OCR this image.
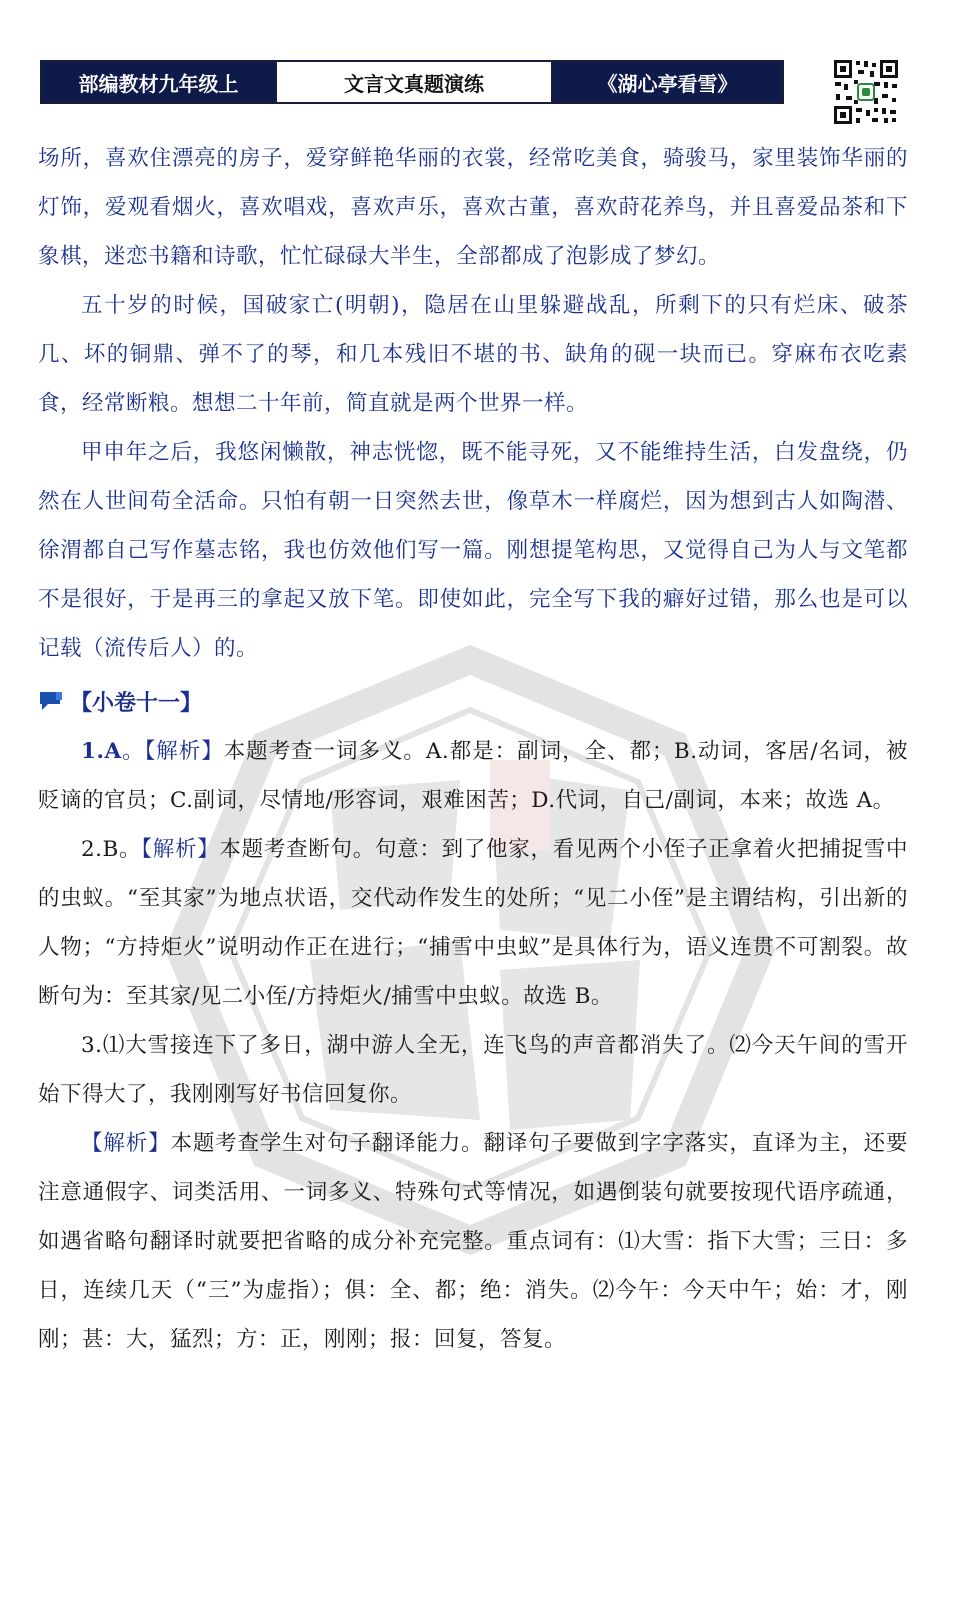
部编教材九年级上	文言文真题演练	《湖心亭看雪》

场所，喜欢住漂亮的房子，爱穿鲜艳华丽的衣裳，经常吃美食，骑骏马，家里装饰华丽的灯饰，爱观看烟火，喜欢唱戏，喜欢声乐，喜欢古董，喜欢莳花养鸟，并且喜爱品茶和下象棋，迷恋书籍和诗歌，忙忙碌碌大半生，全部都成了泡影成了梦幻。

五十岁的时候，国破家亡(明朝)，隐居在山里躲避战乱，所剩下的只有烂床、破茶几、坏的铜鼎、弹不了的琴，和几本残旧不堪的书、缺角的砚一块而已。穿麻布衣吃素食，经常断粮。想想二十年前，简直就是两个世界一样。

甲申年之后，我悠闲懒散，神志恍惚，既不能寻死，又不能维持生活，白发盘绕，仍然在人世间苟全活命。只怕有朝一日突然去世，像草木一样腐烂，因为想到古人如陶潜、徐渭都自己写作墓志铭，我也仿效他们写一篇。刚想提笔构思，又觉得自己为人与文笔都不是很好，于是再三的拿起又放下笔。即使如此，完全写下我的癖好过错，那么也是可以记载（流传后人）的。

【小卷十一】

1.A。【解析】本题考查一词多义。A.都是：副词，全、都；B.动词，客居/名词，被贬谪的官员；C.副词，尽情地/形容词，艰难困苦；D.代词，自己/副词，本来；故选 A。

2.B。【解析】本题考查断句。句意：到了他家，看见两个小侄子正拿着火把捕捉雪中的虫蚁。“至其家”为地点状语，交代动作发生的处所；“见二小侄”是主谓结构，引出新的人物；“方持炬火”说明动作正在进行；“捕雪中虫蚁”是具体行为，语义连贯不可割裂。故断句为：至其家/见二小侄/方持炬火/捕雪中虫蚁。故选 B。

3.⑴大雪接连下了多日，湖中游人全无，连飞鸟的声音都消失了。⑵今天午间的雪开始下得大了，我刚刚写好书信回复你。

【解析】本题考查学生对句子翻译能力。翻译句子要做到字字落实，直译为主，还要注意通假字、词类活用、一词多义、特殊句式等情况，如遇倒装句就要按现代语序疏通，如遇省略句翻译时就要把省略的成分补充完整。重点词有：⑴大雪：指下大雪；三日：多日，连续几天（“三”为虚指）；俱：全、都；绝：消失。⑵今午：今天中午；始：才，刚刚；甚：大，猛烈；方：正，刚刚；报：回复，答复。
